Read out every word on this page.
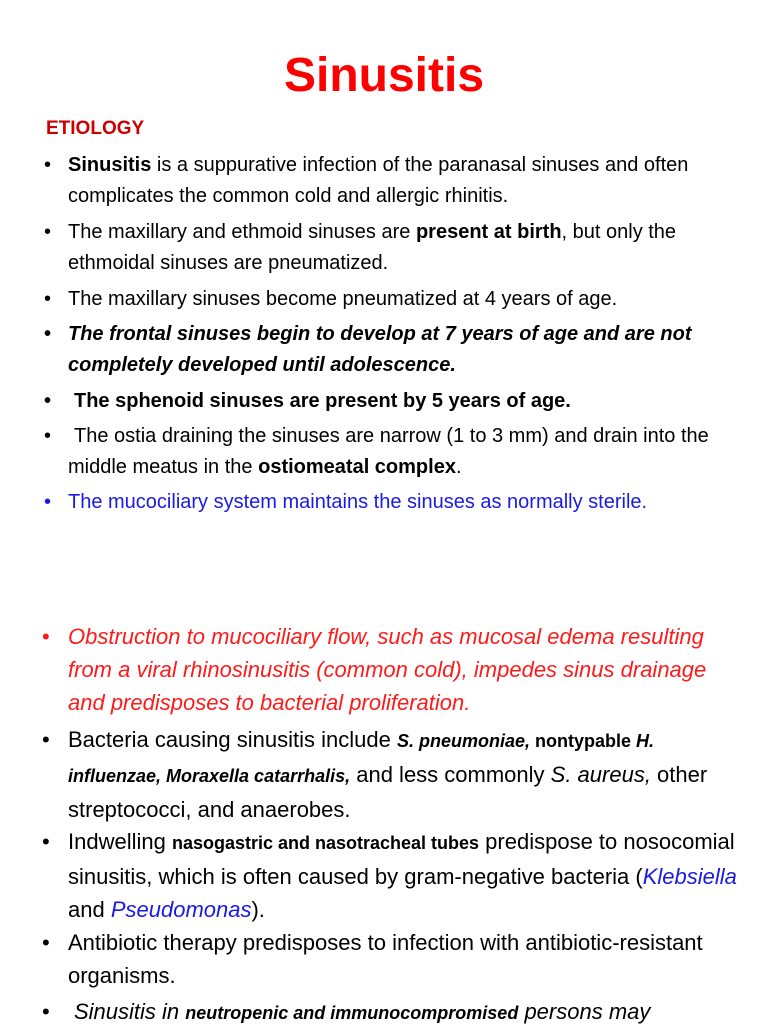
Sinusitis
ETIOLOGY
• Sinusitis is a suppurative infection of the paranasal sinuses and often complicates the common cold and allergic rhinitis.
• The maxillary and ethmoid sinuses are present at birth, but only the ethmoidal sinuses are pneumatized.
• The maxillary sinuses become pneumatized at 4 years of age.
• The frontal sinuses begin to develop at 7 years of age and are not completely developed until adolescence.
• The sphenoid sinuses are present by 5 years of age.
• The ostia draining the sinuses are narrow (1 to 3 mm) and drain into the middle meatus in the ostiomeatal complex.
• The mucociliary system maintains the sinuses as normally sterile.
• Obstruction to mucociliary flow, such as mucosal edema resulting from a viral rhinosinusitis (common cold), impedes sinus drainage and predisposes to bacterial proliferation.
• Bacteria causing sinusitis include S. pneumoniae, nontypable H. influenzae, Moraxella catarrhalis, and less commonly S. aureus, other streptococci, and anaerobes.
• Indwelling nasogastric and nasotracheal tubes predispose to nosocomial sinusitis, which is often caused by gram-negative bacteria (Klebsiella and Pseudomonas).
• Antibiotic therapy predisposes to infection with antibiotic-resistant organisms.
• Sinusitis in neutropenic and immunocompromised persons may
